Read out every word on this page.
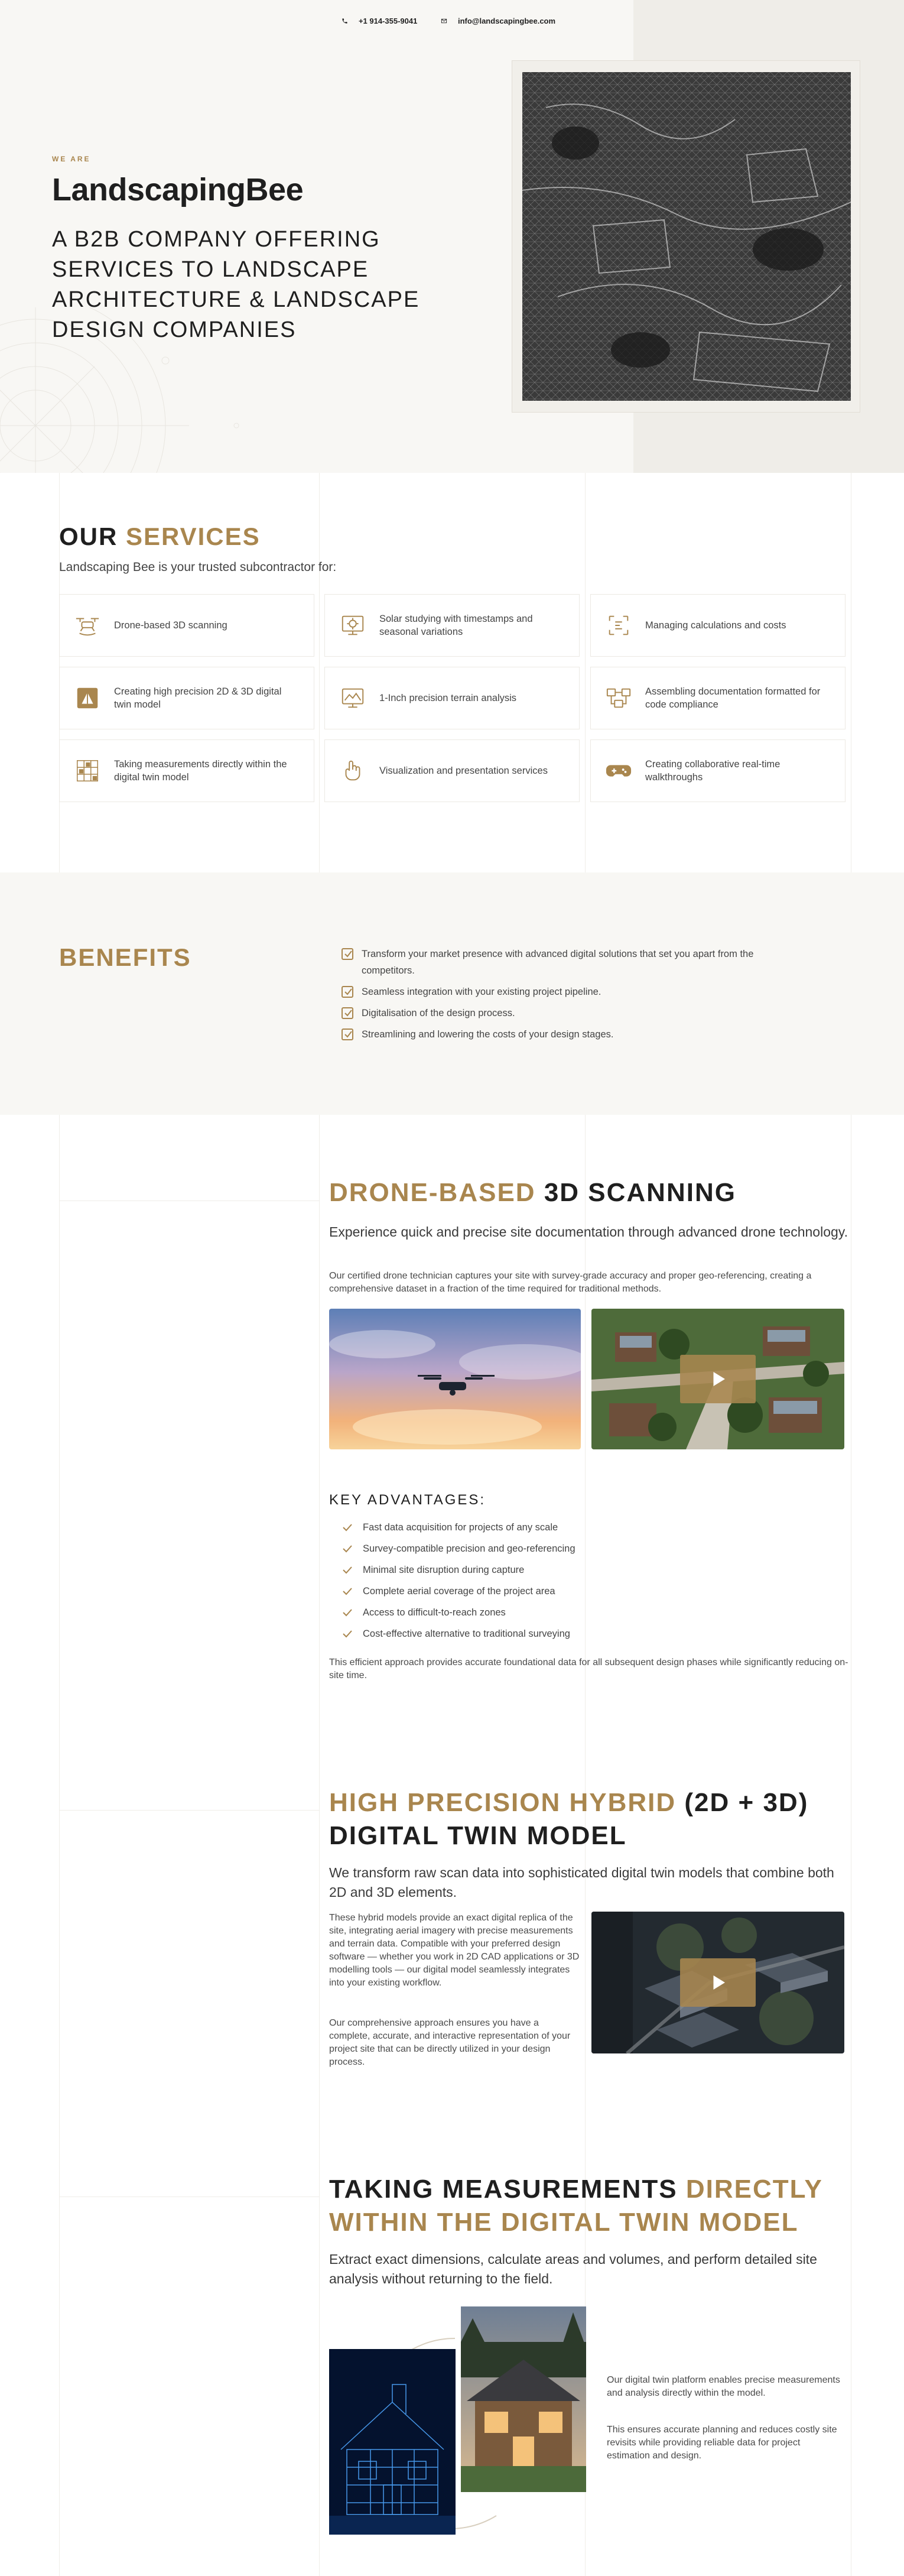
+1 914-355-9041
	info@landscapingbee.com
WE ARE
LandscapingBee
A B2B COMPANY OFFERING SERVICES TO LANDSCAPE ARCHITECTURE & LANDSCAPE DESIGN COMPANIES
OUR SERVICES
Landscaping Bee is your trusted subcontractor for:
Drone-based 3D scanning
Solar studying with timestamps and seasonal variations
Managing calculations and costs
Creating high precision 2D & 3D digital twin model
1-Inch precision terrain analysis
Assembling documentation formatted for code compliance
Taking measurements directly within the digital twin model
Visualization and presentation services
Creating collaborative real-time walkthroughs
BENEFITS	Transform your market presence with advanced digital solutions that set you apart from the competitors.
Seamless integration with your existing project pipeline.
Digitalisation of the design process.
Streamlining and lowering the costs of your design stages.
DRONE-BASED 3D SCANNING
Experience quick and precise site documentation through advanced drone technology.
Our certified drone technician captures your site with survey-grade accuracy and proper geo-referencing, creating a comprehensive dataset in a fraction of the time required for traditional methods.
KEY ADVANTAGES:
Fast data acquisition for projects of any scale
Survey-compatible precision and geo-referencing
Minimal site disruption during capture
Complete aerial coverage of the project area
Access to difficult-to-reach zones
Cost-effective alternative to traditional surveying
This efficient approach provides accurate foundational data for all subsequent design phases while significantly reducing on-site time.
HIGH PRECISION HYBRID (2D + 3D) DIGITAL TWIN MODEL
We transform raw scan data into sophisticated digital twin models that combine both 2D and 3D elements.
These hybrid models provide an exact digital replica of the site, integrating aerial imagery with precise measurements and terrain data. Compatible with your preferred design software — whether you work in 2D CAD applications or 3D modelling tools — our digital model seamlessly integrates into your existing workflow.
Our comprehensive approach ensures you have a complete, accurate, and interactive representation of your project site that can be directly utilized in your design process.
TAKING MEASUREMENTS DIRECTLY WITHIN THE DIGITAL TWIN MODEL
Extract exact dimensions, calculate areas and volumes, and perform detailed site analysis without returning to the field.
Our digital twin platform enables precise measurements and analysis directly within the model.
This ensures accurate planning and reduces costly site revisits while providing reliable data for project estimation and design.
